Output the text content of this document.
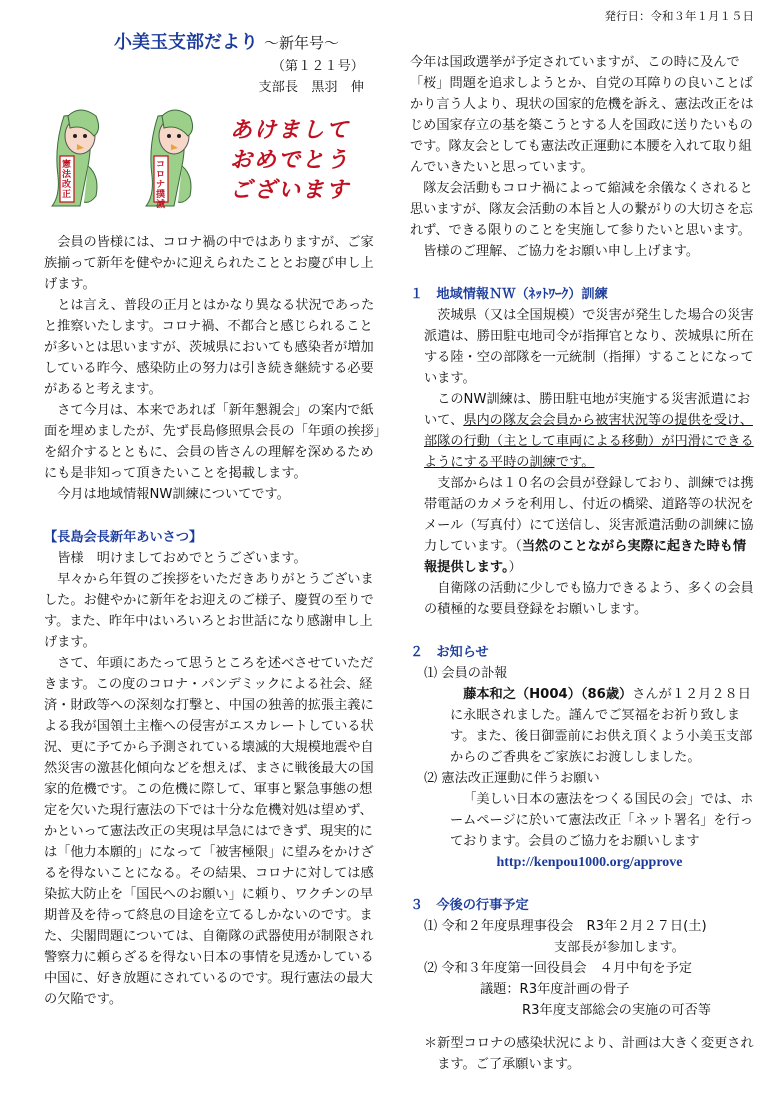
発行日：令和３年１月１５日
小美玉支部だより ～新年号～
（第１２１号）
支部長　黒羽　伸
憲法改正
コロナ撲滅
あけまして
おめでとう
ございます

会員の皆様には、コロナ禍の中ではありますが、ご家族揃って新年を健やかに迎えられたこととお慶び申し上げます。

とは言え、普段の正月とはかなり異なる状況であったと推察いたします。コロナ禍、不都合と感じられることが多いとは思いますが、茨城県においても感染者が増加している昨今、感染防止の努力は引き続き継続する必要があると考えます。

さて今月は、本来であれば「新年懇親会」の案内で紙面を埋めましたが、先ず長島修照県会長の「年頭の挨拶」を紹介するとともに、会員の皆さんの理解を深めるためにも是非知って頂きたいことを掲載します。

今月は地域情報NW訓練についてです。

【長島会長新年あいさつ】

皆様　明けましておめでとうございます。

早々から年賀のご挨拶をいただきありがとうございました。お健やかに新年をお迎えのご様子、慶賀の至りです。また、昨年中はいろいろとお世話になり感謝申し上げます。

さて、年頭にあたって思うところを述べさせていただきます。この度のコロナ・パンデミックによる社会、経済・財政等への深刻な打撃と、中国の独善的拡張主義による我が国領土主権への侵害がエスカレートしている状況、更に予てから予測されている壊滅的大規模地震や自然災害の激甚化傾向などを想えば、まさに戦後最大の国家的危機です。この危機に際して、軍事と緊急事態の想定を欠いた現行憲法の下では十分な危機対処は望めず、かといって憲法改正の実現は早急にはできず、現実的には「他力本願的」になって「被害極限」に望みをかけざるを得ないことになる。その結果、コロナに対しては感染拡大防止を「国民へのお願い」に頼り、ワクチンの早期普及を待って終息の目途を立てるしかないのです。また、尖閣問題については、自衛隊の武器使用が制限され警察力に頼らざるを得ない日本の事情を見透かしている中国に、好き放題にされているのです。現行憲法の最大の欠陥です。

今年は国政選挙が予定されていますが、この時に及んで「桜」問題を追求しようとか、自党の耳障りの良いことばかり言う人より、現状の国家的危機を訴え、憲法改正をはじめ国家存立の基を築こうとする人を国政に送りたいものです。隊友会としても憲法改正運動に本腰を入れて取り組んでいきたいと思っています。

隊友会活動もコロナ禍によって縮減を余儀なくされると思いますが、隊友会活動の本旨と人の繋がりの大切さを忘れず、できる限りのことを実施して参りたいと思います。

皆様のご理解、ご協力をお願い申し上げます。

１　地域情報ＮＷ（ﾈｯﾄﾜｰｸ）訓練

茨城県（又は全国規模）で災害が発生した場合の災害派遣は、勝田駐屯地司令が指揮官となり、茨城県に所在する陸・空の部隊を一元統制（指揮）することになっています。

このNW訓練は、勝田駐屯地が実施する災害派遣において、県内の隊友会会員から被害状況等の提供を受け、部隊の行動（主として車両による移動）が円滑にできるようにする平時の訓練です。

支部からは１０名の会員が登録しており、訓練では携帯電話のカメラを利用し、付近の橋梁、道路等の状況をメール（写真付）にて送信し、災害派遣活動の訓練に協力しています。（当然のことながら実際に起きた時も情報提供します。）

自衛隊の活動に少しでも協力できるよう、多くの会員の積極的な要員登録をお願いします。

２　お知らせ

⑴ 会員の訃報

藤本和之（H004）（86歳）さんが１２月２８日に永眠されました。謹んでご冥福をお祈り致します。また、後日御霊前にお供え頂くよう小美玉支部からのご香典をご家族にお渡ししました。

⑵ 憲法改正運動に伴うお願い

「美しい日本の憲法をつくる国民の会」では、ホームページに於いて憲法改正「ネット署名」を行っております。会員のご協力をお願いします

http://kenpou1000.org/approve

３　今後の行事予定

⑴ 令和２年度県理事役会　R3年２月２７日(土)

支部長が参加します。

⑵ 令和３年度第一回役員会　４月中旬を予定

議題：R3年度計画の骨子

R3年度支部総会の実施の可否等

＊新型コロナの感染状況により、計画は大きく変更されます。ご了承願います。
